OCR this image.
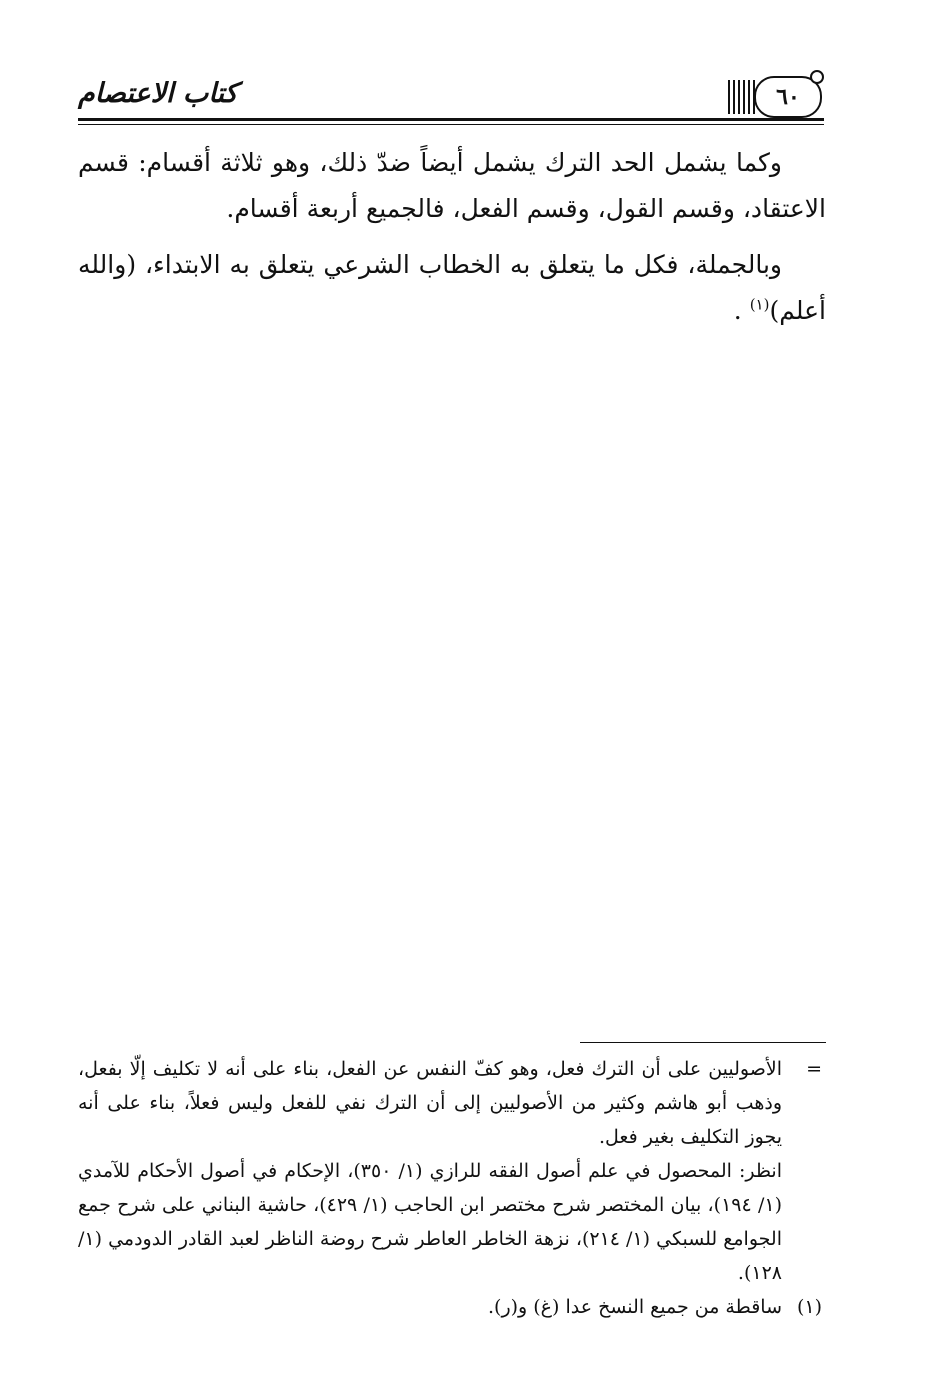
كتاب الاعتصام	٦٠

وكما يشمل الحد الترك يشمل أيضاً ضدّ ذلك، وهو ثلاثة أقسام: قسم الاعتقاد، وقسم القول، وقسم الفعل، فالجميع أربعة أقسام.

وبالجملة، فكل ما يتعلق به الخطاب الشرعي يتعلق به الابتداء، (والله أعلم)$^{(١)}$ .

=

الأصوليين على أن الترك فعل، وهو كفّ النفس عن الفعل، بناء على أنه لا تكليف إلّا بفعل، وذهب أبو هاشم وكثير من الأصوليين إلى أن الترك نفي للفعل وليس فعلاً، بناء على أنه يجوز التكليف بغير فعل.

انظر: المحصول في علم أصول الفقه للرازي (١/ ٣٥٠)، الإحكام في أصول الأحكام للآمدي (١/ ١٩٤)، بيان المختصر شرح مختصر ابن الحاجب (١/ ٤٢٩)، حاشية البناني على شرح جمع الجوامع للسبكي (١/ ٢١٤)، نزهة الخاطر العاطر شرح روضة الناظر لعبد القادر الدودمي (١/ ١٢٨).

(١)

ساقطة من جميع النسخ عدا (غ) و(ر).
